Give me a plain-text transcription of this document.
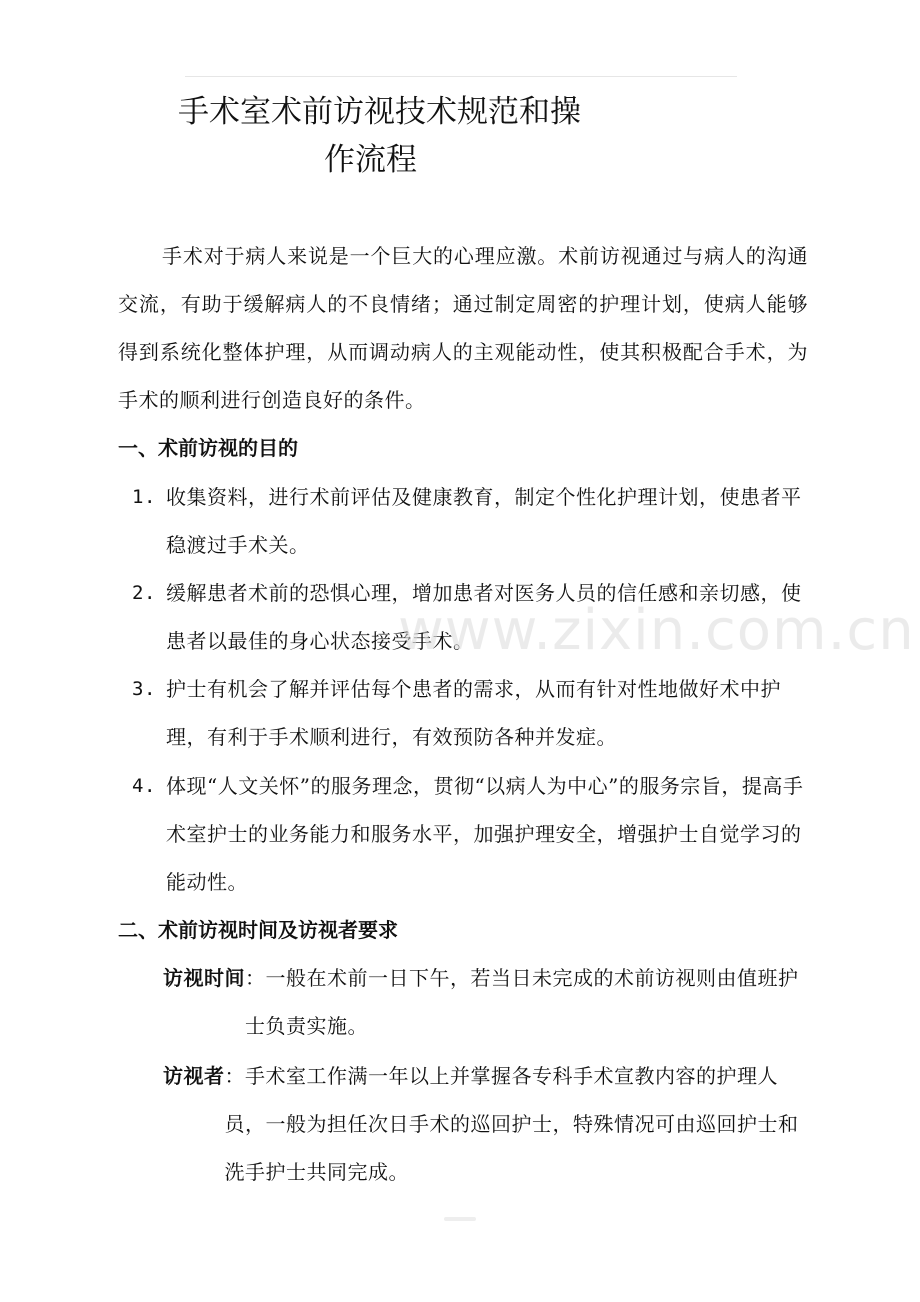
手术室术前访视技术规范和操
作流程
手术对于病人来说是一个巨大的心理应激。术前访视通过与病人的沟通交流，有助于缓解病人的不良情绪；通过制定周密的护理计划，使病人能够得到系统化整体护理，从而调动病人的主观能动性，使其积极配合手术，为手术的顺利进行创造良好的条件。
一、术前访视的目的
1. 收集资料，进行术前评估及健康教育，制定个性化护理计划，使患者平稳渡过手术关。
2. 缓解患者术前的恐惧心理，增加患者对医务人员的信任感和亲切感，使患者以最佳的身心状态接受手术。
3. 护士有机会了解并评估每个患者的需求，从而有针对性地做好术中护理，有利于手术顺利进行，有效预防各种并发症。
4. 体现“人文关怀”的服务理念，贯彻“以病人为中心”的服务宗旨，提高手术室护士的业务能力和服务水平，加强护理安全，增强护士自觉学习的能动性。
二、术前访视时间及访视者要求
访视时间 ：一般在术前一日下午，若当日未完成的术前访视则由值班护士负责实施。
访视者 ：手术室工作满一年以上并掌握各专科手术宣教内容的护理人员，一般为担任次日手术的巡回护士，特殊情况可由巡回护士和洗手护士共同完成。
www.zixin.com.cn
